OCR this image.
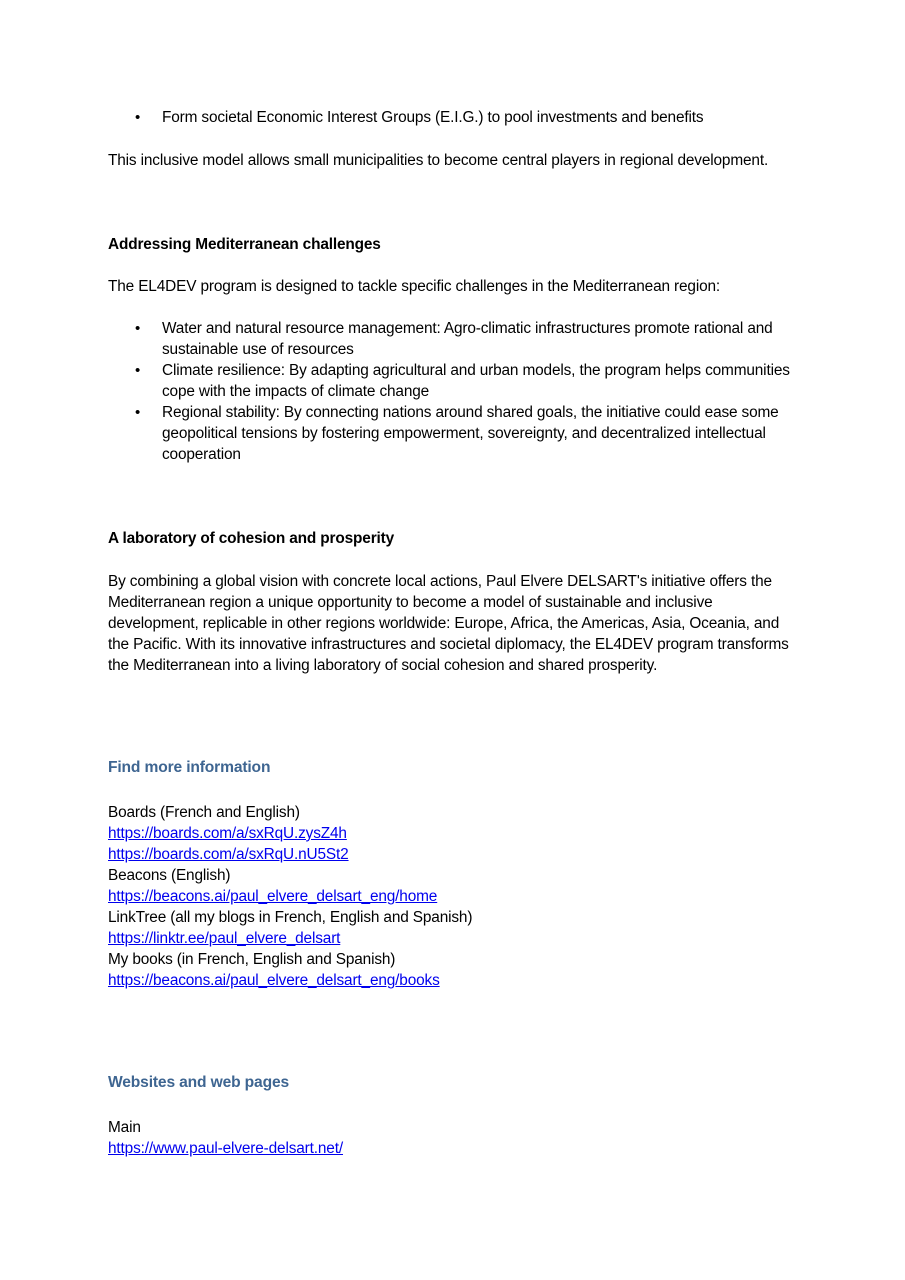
• Form societal Economic Interest Groups (E.I.G.) to pool investments and benefits

This inclusive model allows small municipalities to become central players in regional development.

Addressing Mediterranean challenges

The EL4DEV program is designed to tackle specific challenges in the Mediterranean region:

• Water and natural resource management: Agro-climatic infrastructures promote rational and sustainable use of resources
• Climate resilience: By adapting agricultural and urban models, the program helps communities cope with the impacts of climate change
• Regional stability: By connecting nations around shared goals, the initiative could ease some geopolitical tensions by fostering empowerment, sovereignty, and decentralized intellectual cooperation

A laboratory of cohesion and prosperity

By combining a global vision with concrete local actions, Paul Elvere DELSART's initiative offers the Mediterranean region a unique opportunity to become a model of sustainable and inclusive development, replicable in other regions worldwide: Europe, Africa, the Americas, Asia, Oceania, and the Pacific. With its innovative infrastructures and societal diplomacy, the EL4DEV program transforms the Mediterranean into a living laboratory of social cohesion and shared prosperity.

Find more information

Boards (French and English)
https://boards.com/a/sxRqU.zysZ4h
https://boards.com/a/sxRqU.nU5St2
Beacons (English)
https://beacons.ai/paul_elvere_delsart_eng/home
LinkTree (all my blogs in French, English and Spanish)
https://linktr.ee/paul_elvere_delsart
My books (in French, English and Spanish)
https://beacons.ai/paul_elvere_delsart_eng/books

Websites and web pages

Main
https://www.paul-elvere-delsart.net/
